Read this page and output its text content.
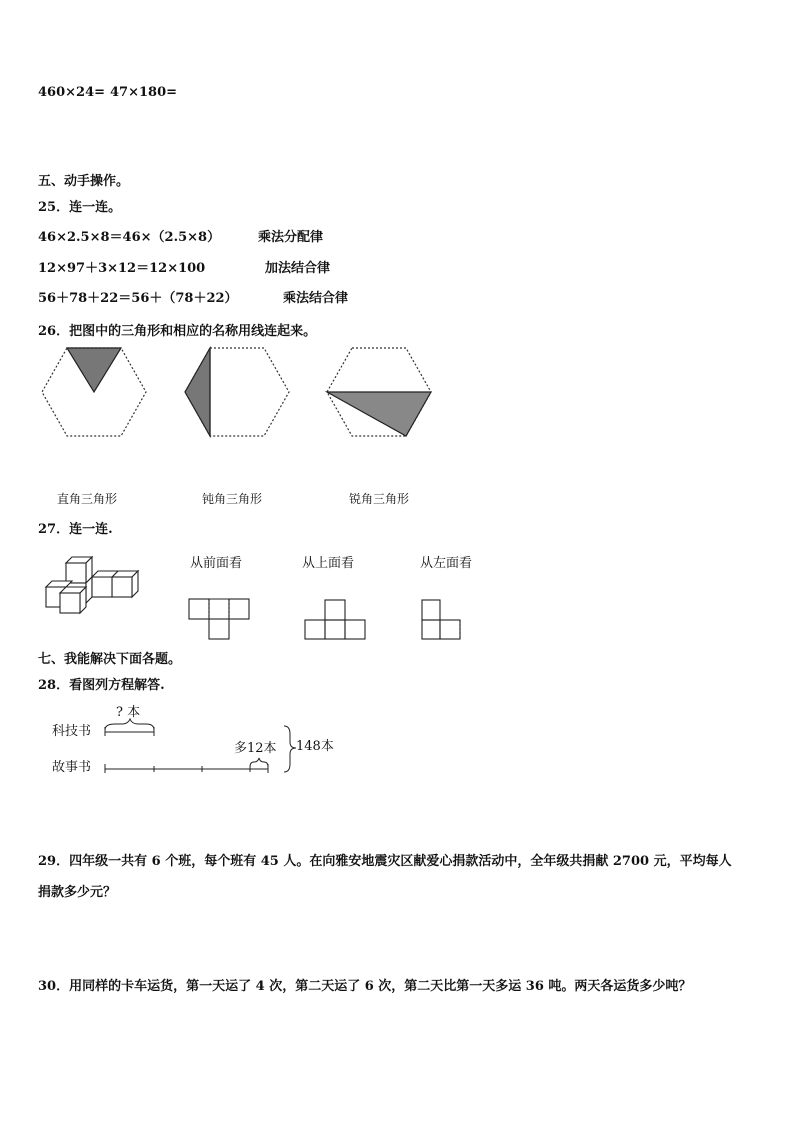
460×24= 47×180=
五、动手操作。
25．连一连。
46×2.5×8＝46×（2.5×8）
12×97＋3×12＝12×100
56＋78＋22＝56＋（78＋22）
乘法分配律
加法结合律
乘法结合律
26．把图中的三角形和相应的名称用线连起来。
直角三角形	钝角三角形	锐角三角形
27．连一连.
从前面看	从上面看	从左面看
七、我能解决下面各题。
28．看图列方程解答.
科技书
故事书
? 本
多12本 148本
29．四年级一共有 6 个班，每个班有 45 人。在向雅安地震灾区献爱心捐款活动中，全年级共捐献 2700 元，平均每人
捐款多少元？
30．用同样的卡车运货，第一天运了 4 次，第二天运了 6 次，第二天比第一天多运 36 吨。两天各运货多少吨？
